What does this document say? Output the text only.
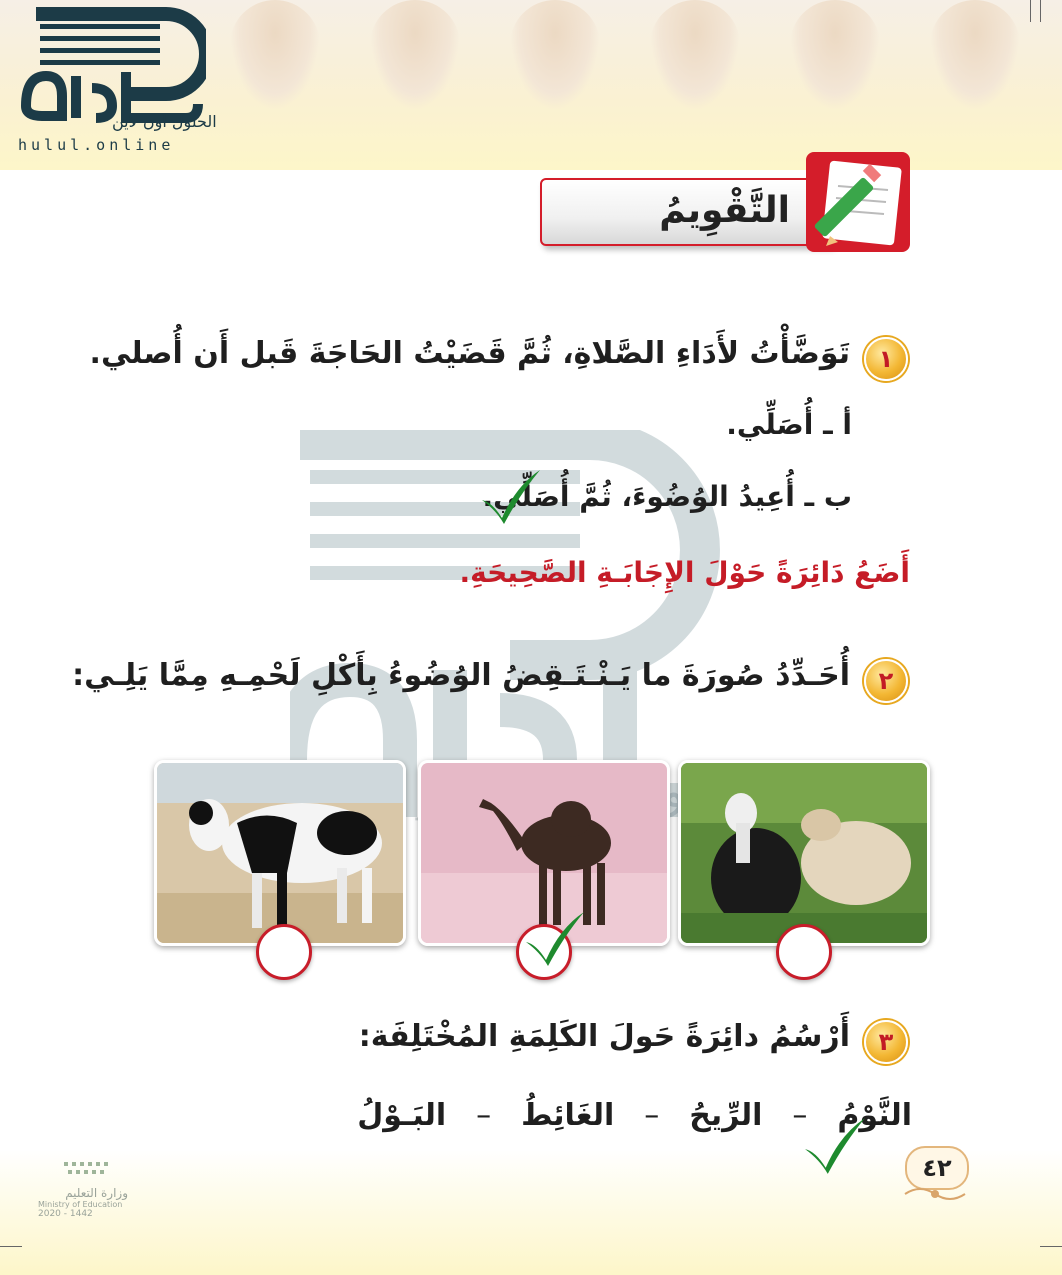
الحلول اون لاين
hulul.online
التَّقْوِيمُ
١
تَوَضَّأْتُ لأَدَاءِ الصَّلاةِ، ثُمَّ قَضَيْتُ الحَاجَةَ قَبل أَن أُصلي.
أ ـ أُصَلِّي.
ب ـ أُعِيدُ الوُضُوءَ، ثُمَّ أُصَلِّي.
أَضَعُ دَائِرَةً حَوْلَ الإِجَابَـةِ الصَّحِيحَةِ.
٢
أُحَـدِّدُ صُورَةَ ما يَـنْـتَـقِضُ الوُضُوءُ بِأَكْلِ لَحْمِـهِ مِمَّا يَلِـي:
٣
أَرْسُمُ دائِرَةً حَولَ الكَلِمَةِ المُخْتَلِفَة:
النَّوْمُ
–
الرِّيحُ
–
الغَائِطُ
–
البَـوْلُ
٤٢
وزارة التعليم
Ministry of Education
2020 - 1442
